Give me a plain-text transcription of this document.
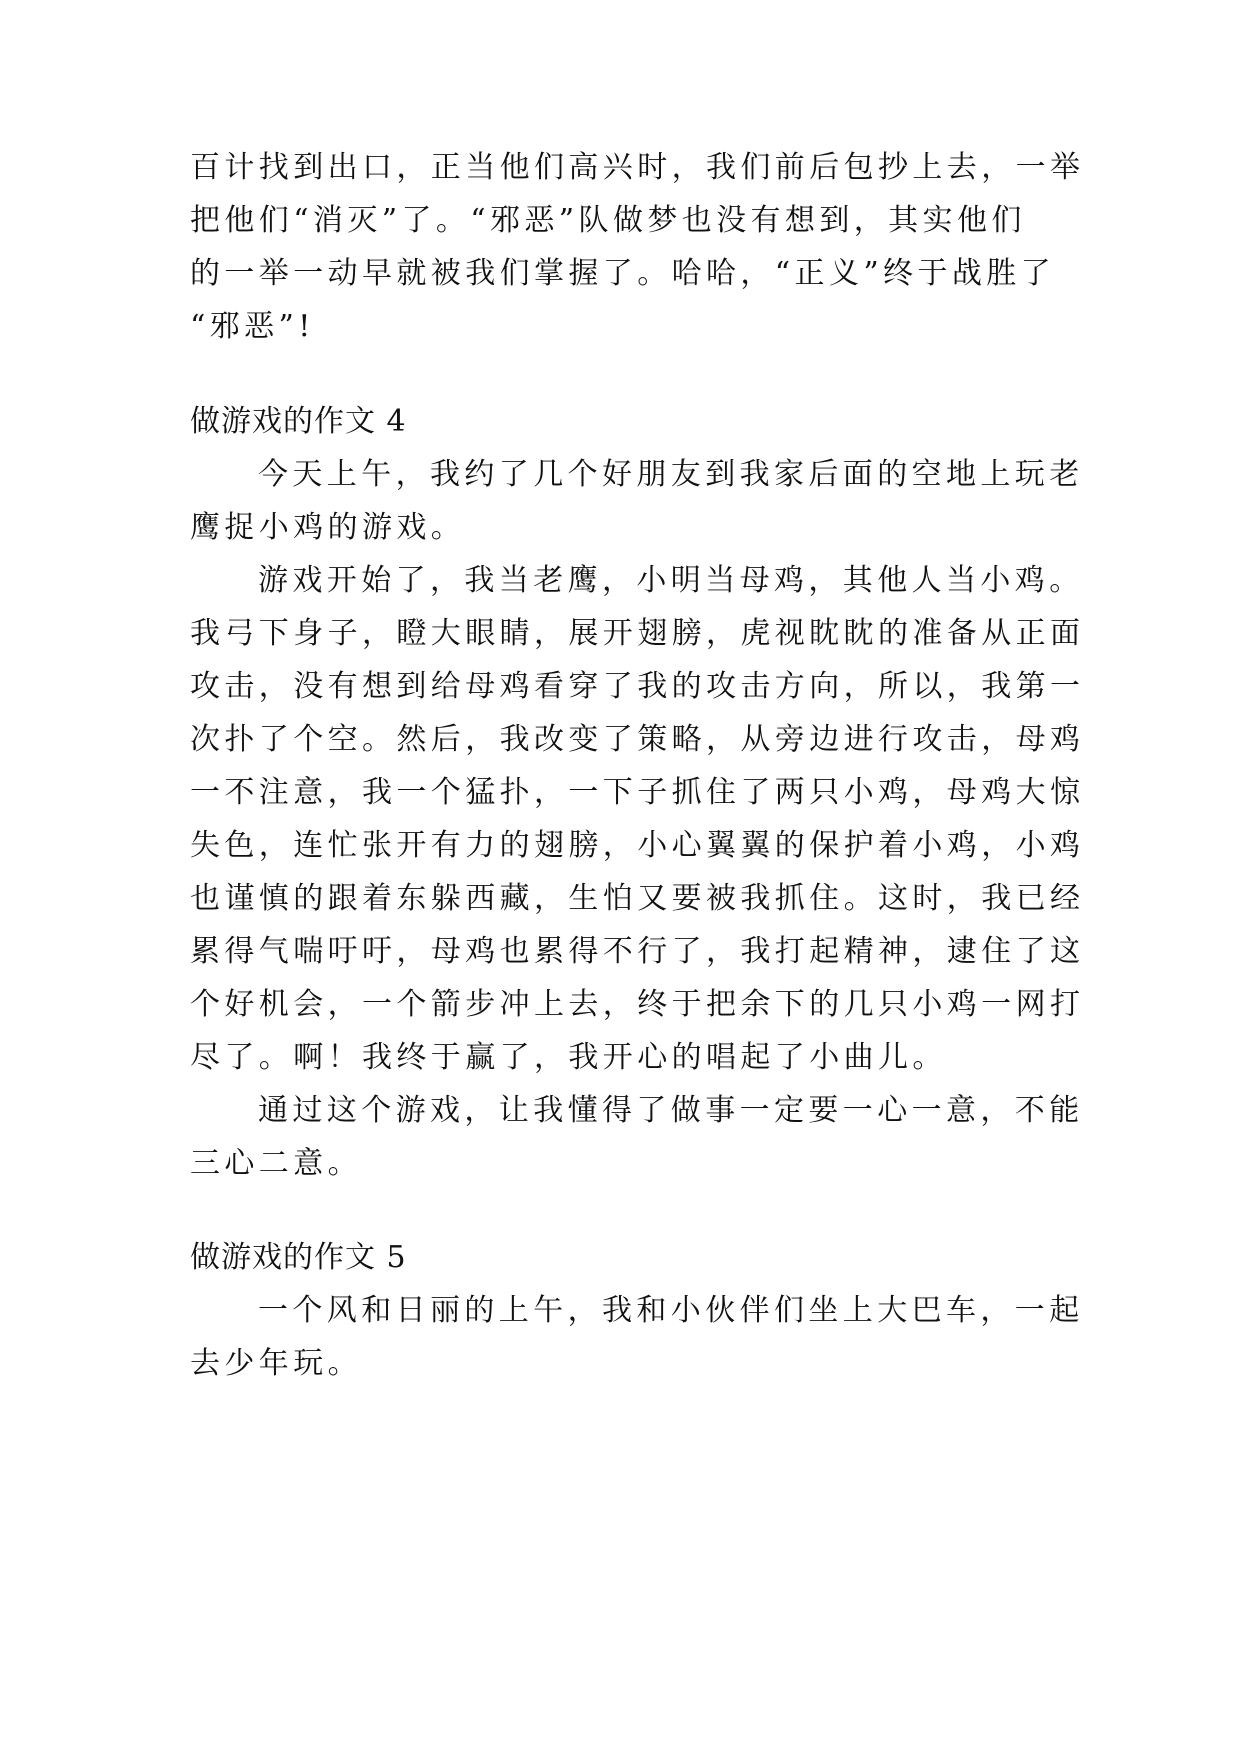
百计找到出口，正当他们高兴时，我们前后包抄上去，一举
把他们“消灭”了。“邪恶”队做梦也没有想到，其实他们
的一举一动早就被我们掌握了。哈哈，“正义”终于战胜了
“邪恶”!
做游戏的作文 4
今天上午，我约了几个好朋友到我家后面的空地上玩老
鹰捉小鸡的游戏。
游戏开始了，我当老鹰，小明当母鸡，其他人当小鸡。
我弓下身子，瞪大眼睛，展开翅膀，虎视眈眈的准备从正面
攻击，没有想到给母鸡看穿了我的攻击方向，所以，我第一
次扑了个空。然后，我改变了策略，从旁边进行攻击，母鸡
一不注意，我一个猛扑，一下子抓住了两只小鸡，母鸡大惊
失色，连忙张开有力的翅膀，小心翼翼的保护着小鸡，小鸡
也谨慎的跟着东躲西藏，生怕又要被我抓住。这时，我已经
累得气喘吁吁，母鸡也累得不行了，我打起精神，逮住了这
个好机会，一个箭步冲上去，终于把余下的几只小鸡一网打
尽了。啊！我终于赢了，我开心的唱起了小曲儿。
通过这个游戏，让我懂得了做事一定要一心一意，不能
三心二意。
做游戏的作文 5
一个风和日丽的上午，我和小伙伴们坐上大巴车，一起
去少年玩。
